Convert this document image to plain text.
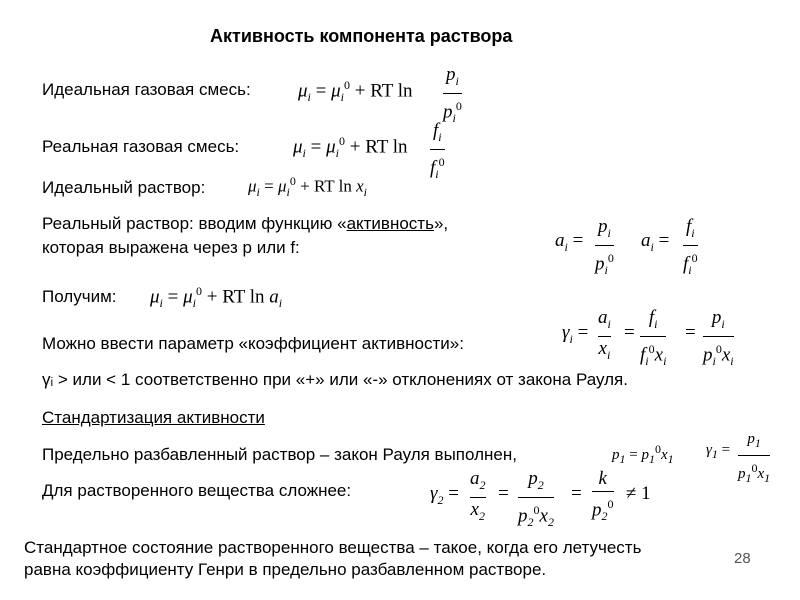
Активность компонента раствора
Идеальная газовая смесь: $\mu_i = \mu_i^0$ + RT ln
$p_i$
$p_i^0$
Реальная газовая смесь:	$\mu_i = \mu_i^0$ + RT ln
$f_i$
$f_i^0$
Идеальный раствор:	$\mu_i = \mu_i^0$ + RT $\ln x_i$
Реальный раствор: вводим функцию «активность»,
которая выражена через p или f:	$a_i$ =
$p_i$
$p_i^0$
$a_i$ =
$f_i$
$f_i^0$
Получим: $\mu_i = \mu_i^0$ + RT $\ln a_i$
Можно ввести параметр «коэффициент активности»:
$\gamma_i$ =
$a_i$
$x_i$
=
$f_i$
$f_i^0x_i$
=
$p_i$
$p_i^0x_i$
γᵢ > или < 1 соответственно при «+» или «-» отклонениях от закона Рауля.
Стандартизация активности
Предельно разбавленный раствор – закон Рауля выполнен,	$p_1 = p_1^0x_1$
$\gamma_1$ =
$p_1$
$p_1^0x_1$
Для растворенного вещества сложнее:	$\gamma_2$ =
$a_2$
$x_2$
=
$p_2$
$p_2^0x_2$
=
k
$p_2^0 \ne 1$
Стандартное состояние растворенного вещества – такое, когда его летучесть
равна коэффициенту Генри в предельно разбавленном растворе.
28
